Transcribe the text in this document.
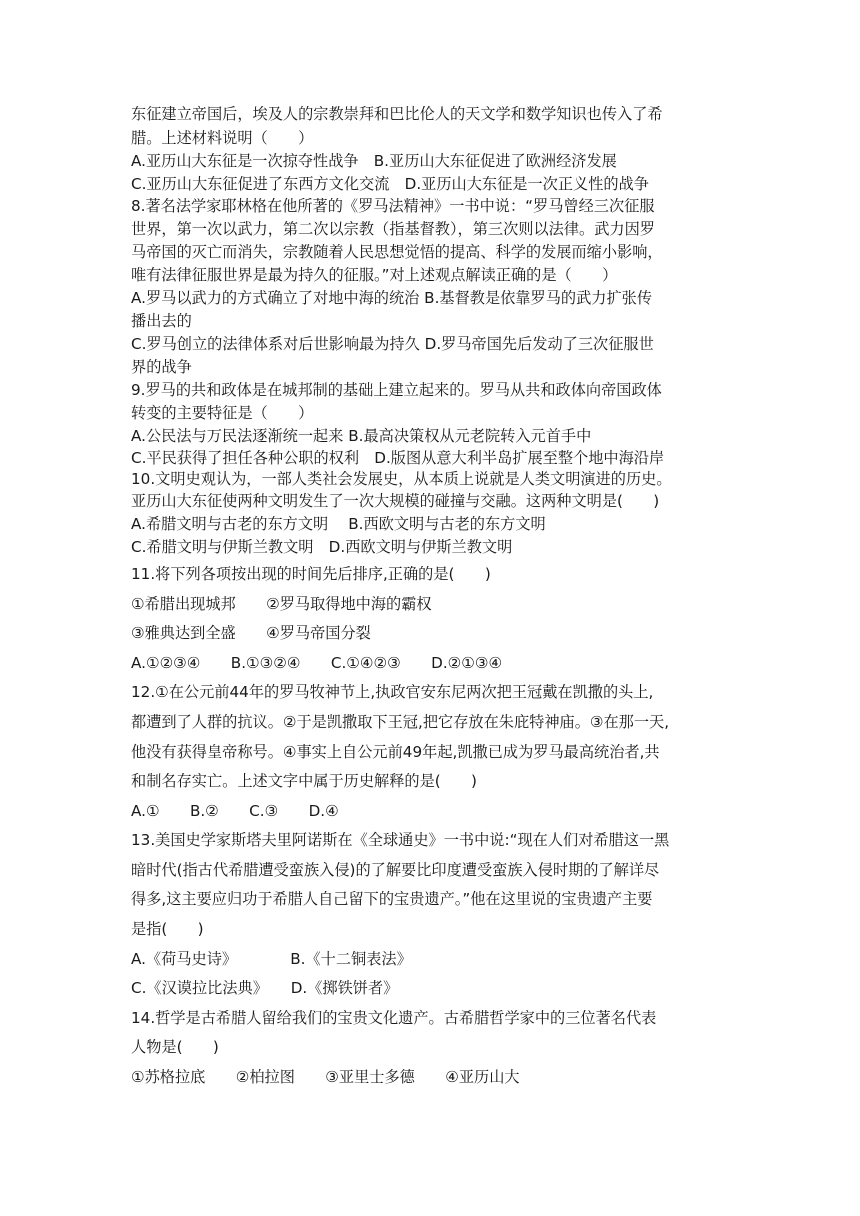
东征建立帝国后，埃及人的宗教崇拜和巴比伦人的天文学和数学知识也传入了希
腊。上述材料说明（　　）
A.亚历山大东征是一次掠夺性战争　B.亚历山大东征促进了欧洲经济发展
C.亚历山大东征促进了东西方文化交流　D.亚历山大东征是一次正义性的战争
8.著名法学家耶林格在他所著的《罗马法精神》一书中说：“罗马曾经三次征服
世界，第一次以武力，第二次以宗教（指基督教），第三次则以法律。武力因罗
马帝国的灭亡而消失，宗教随着人民思想觉悟的提高、科学的发展而缩小影响，
唯有法律征服世界是最为持久的征服。”对上述观点解读正确的是（　　）
A.罗马以武力的方式确立了对地中海的统治 B.基督教是依靠罗马的武力扩张传
播出去的
C.罗马创立的法律体系对后世影响最为持久 D.罗马帝国先后发动了三次征服世
界的战争
9.罗马的共和政体是在城邦制的基础上建立起来的。罗马从共和政体向帝国政体
转变的主要特征是（　　）
A.公民法与万民法逐渐统一起来 B.最高决策权从元老院转入元首手中
C.平民获得了担任各种公职的权利　D.版图从意大利半岛扩展至整个地中海沿岸
10.文明史观认为，一部人类社会发展史，从本质上说就是人类文明演进的历史。
亚历山大东征使两种文明发生了一次大规模的碰撞与交融。这两种文明是(　　)
A.希腊文明与古老的东方文明　 B.西欧文明与古老的东方文明
C.希腊文明与伊斯兰教文明　D.西欧文明与伊斯兰教文明
11.将下列各项按出现的时间先后排序,正确的是(　　)
①希腊出现城邦　　②罗马取得地中海的霸权
③雅典达到全盛　　④罗马帝国分裂
A.①②③④　　B.①③②④　　C.①④②③　　D.②①③④
12.①在公元前44年的罗马牧神节上,执政官安东尼两次把王冠戴在凯撒的头上,
都遭到了人群的抗议。②于是凯撒取下王冠,把它存放在朱庇特神庙。③在那一天,
他没有获得皇帝称号。④事实上自公元前49年起,凯撒已成为罗马最高统治者,共
和制名存实亡。上述文字中属于历史解释的是(　　)
A.①　　B.②　　C.③　　D.④
13.美国史学家斯塔夫里阿诺斯在《全球通史》一书中说:“现在人们对希腊这一黑
暗时代(指古代希腊遭受蛮族入侵)的了解要比印度遭受蛮族入侵时期的了解详尽
得多,这主要应归功于希腊人自己留下的宝贵遗产。”他在这里说的宝贵遗产主要
是指(　　)
A.《荷马史诗》　　　　B.《十二铜表法》
C.《汉谟拉比法典》　　D.《掷铁饼者》
14.哲学是古希腊人留给我们的宝贵文化遗产。古希腊哲学家中的三位著名代表
人物是(　　)
①苏格拉底　　②柏拉图　　③亚里士多德　　④亚历山大
